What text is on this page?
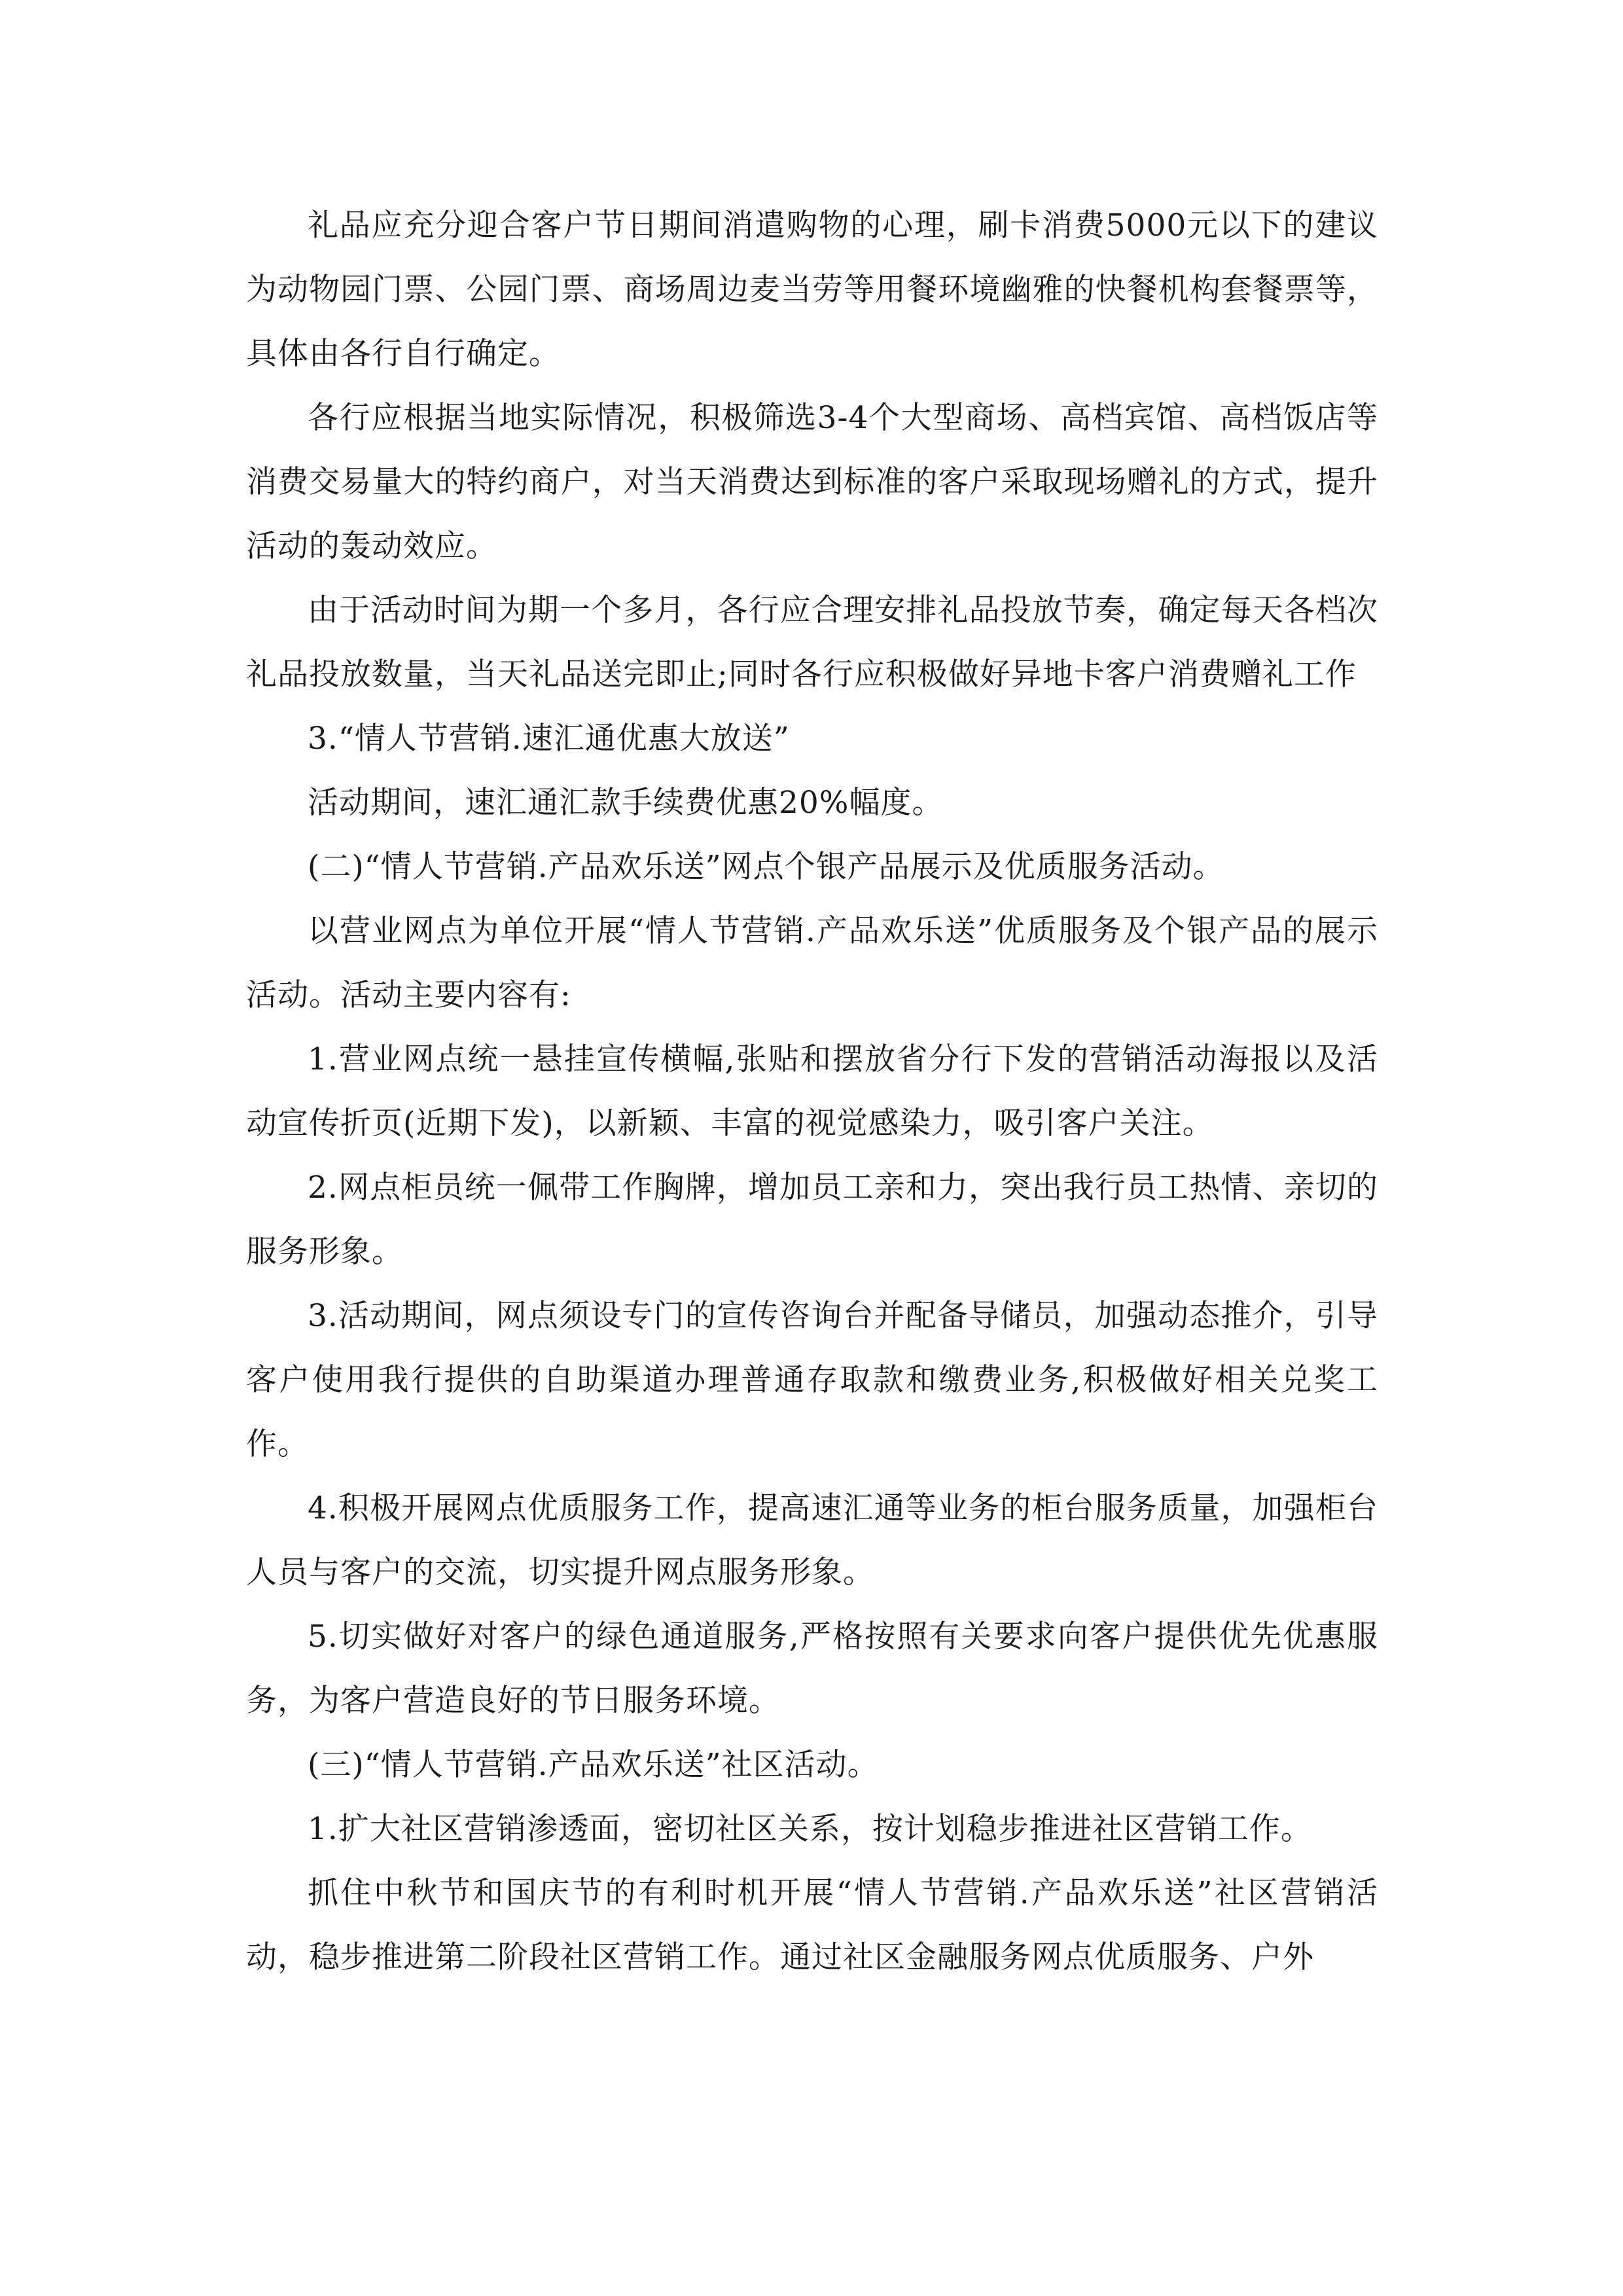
礼品应充分迎合客户节日期间消遣购物的心理，刷卡消费5000元以下的建议为动物园门票、公园门票、商场周边麦当劳等用餐环境幽雅的快餐机构套餐票等，具体由各行自行确定。

各行应根据当地实际情况，积极筛选3-4个大型商场、高档宾馆、高档饭店等消费交易量大的特约商户，对当天消费达到标准的客户采取现场赠礼的方式，提升活动的轰动效应。

由于活动时间为期一个多月，各行应合理安排礼品投放节奏，确定每天各档次礼品投放数量，当天礼品送完即止;同时各行应积极做好异地卡客户消费赠礼工作

3.“情人节营销.速汇通优惠大放送”

活动期间，速汇通汇款手续费优惠20%幅度。

(二)“情人节营销.产品欢乐送”网点个银产品展示及优质服务活动。

以营业网点为单位开展“情人节营销.产品欢乐送”优质服务及个银产品的展示活动。活动主要内容有:

1.营业网点统一悬挂宣传横幅,张贴和摆放省分行下发的营销活动海报以及活动宣传折页(近期下发)，以新颖、丰富的视觉感染力，吸引客户关注。

2.网点柜员统一佩带工作胸牌，增加员工亲和力，突出我行员工热情、亲切的服务形象。

3.活动期间，网点须设专门的宣传咨询台并配备导储员，加强动态推介，引导客户使用我行提供的自助渠道办理普通存取款和缴费业务,积极做好相关兑奖工作。

4.积极开展网点优质服务工作，提高速汇通等业务的柜台服务质量，加强柜台人员与客户的交流，切实提升网点服务形象。

5.切实做好对客户的绿色通道服务,严格按照有关要求向客户提供优先优惠服务，为客户营造良好的节日服务环境。

(三)“情人节营销.产品欢乐送”社区活动。

1.扩大社区营销渗透面，密切社区关系，按计划稳步推进社区营销工作。

抓住中秋节和国庆节的有利时机开展“情人节营销.产品欢乐送”社区营销活动，稳步推进第二阶段社区营销工作。通过社区金融服务网点优质服务、户外
